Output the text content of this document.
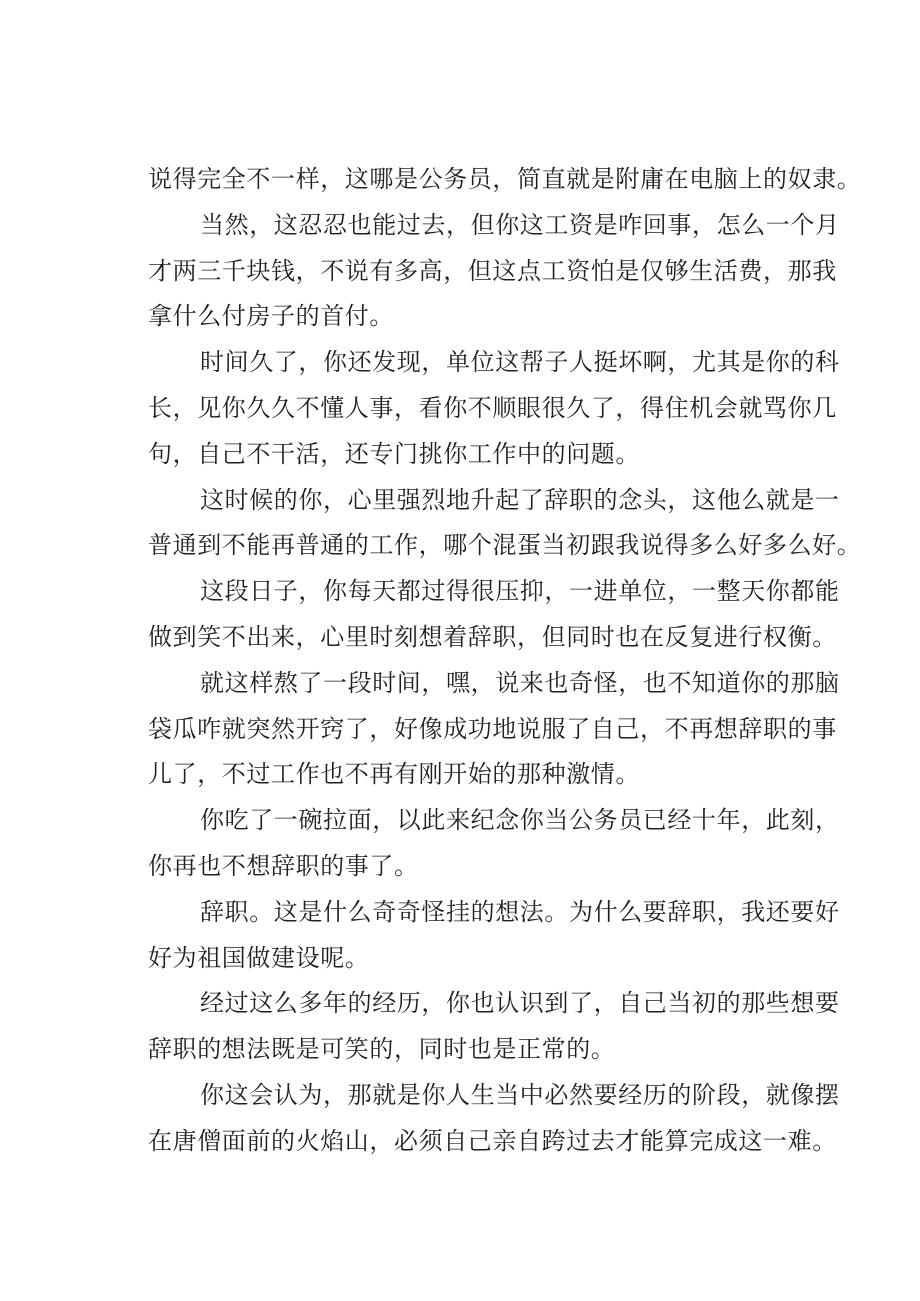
说得完全不一样，这哪是公务员，简直就是附庸在电脑上的奴隶。

当然，这忍忍也能过去，但你这工资是咋回事，怎么一个月

才两三千块钱，不说有多高，但这点工资怕是仅够生活费，那我

拿什么付房子的首付。

时间久了，你还发现，单位这帮子人挺坏啊，尤其是你的科

长，见你久久不懂人事，看你不顺眼很久了，得住机会就骂你几

句，自己不干活，还专门挑你工作中的问题。

这时候的你，心里强烈地升起了辞职的念头，这他么就是一

普通到不能再普通的工作，哪个混蛋当初跟我说得多么好多么好。

这段日子，你每天都过得很压抑，一进单位，一整天你都能

做到笑不出来，心里时刻想着辞职，但同时也在反复进行权衡。

就这样熬了一段时间，嘿，说来也奇怪，也不知道你的那脑

袋瓜咋就突然开窍了，好像成功地说服了自己，不再想辞职的事

儿了，不过工作也不再有刚开始的那种激情。

你吃了一碗拉面，以此来纪念你当公务员已经十年，此刻，

你再也不想辞职的事了。

辞职。这是什么奇奇怪挂的想法。为什么要辞职，我还要好

好为祖国做建设呢。

经过这么多年的经历，你也认识到了，自己当初的那些想要

辞职的想法既是可笑的，同时也是正常的。

你这会认为，那就是你人生当中必然要经历的阶段，就像摆

在唐僧面前的火焰山，必须自己亲自跨过去才能算完成这一难。
